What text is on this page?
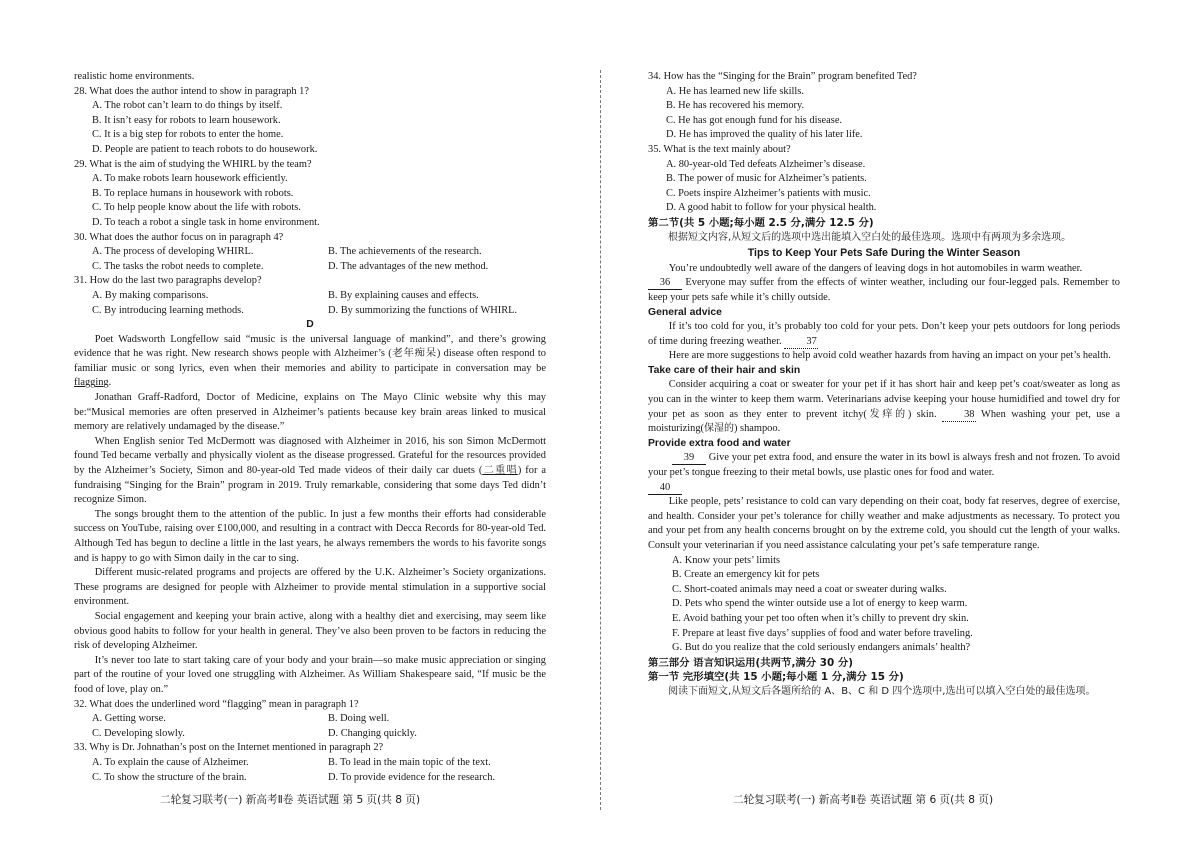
realistic home environments.

28. What does the author intend to show in paragraph 1?

A. The robot can’t learn to do things by itself.

B. It isn’t easy for robots to learn housework.

C. It is a big step for robots to enter the home.

D. People are patient to teach robots to do housework.

29. What is the aim of studying the WHIRL by the team?

A. To make robots learn housework efficiently.

B. To replace humans in housework with robots.

C. To help people know about the life with robots.

D. To teach a robot a single task in home environment.

30. What does the author focus on in paragraph 4?

A. The process of developing WHIRL.	B. The achievements of the research.
C. The tasks the robot needs to complete.	D. The advantages of the new method.

31. How do the last two paragraphs develop?

A. By making comparisons.	B. By explaining causes and effects.
C. By introducing learning methods.	D. By summorizing the functions of WHIRL.

D

Poet Wadsworth Longfellow said “music is the universal language of mankind”, and there’s growing evidence that he was right. New research shows people with Alzheimer’s (老年痴呆) disease often respond to familiar music or song lyrics, even when their memories and ability to participate in conversation may be flagging.

Jonathan Graff-Radford, Doctor of Medicine, explains on The Mayo Clinic website why this may be:“Musical memories are often preserved in Alzheimer’s patients because key brain areas linked to musical memory are relatively undamaged by the disease.”

When English senior Ted McDermott was diagnosed with Alzheimer in 2016, his son Simon McDermott found Ted became verbally and physically violent as the disease progressed. Grateful for the resources provided by the Alzheimer’s Society, Simon and 80-year-old Ted made videos of their daily car duets (二重唱) for a fundraising “Singing for the Brain” program in 2019. Truly remarkable, considering that some days Ted didn’t recognize Simon.

The songs brought them to the attention of the public. In just a few months their efforts had considerable success on YouTube, raising over £100,000, and resulting in a contract with Decca Records for 80-year-old Ted. Although Ted has begun to decline a little in the last years, he always remembers the words to his favorite songs and is happy to go with Simon daily in the car to sing.

Different music-related programs and projects are offered by the U.K. Alzheimer’s Society organizations. These programs are designed for people with Alzheimer to provide mental stimulation in a supportive social environment.

Social engagement and keeping your brain active, along with a healthy diet and exercising, may seem like obvious good habits to follow for your health in general. They’ve also been proven to be factors in reducing the risk of developing Alzheimer.

It’s never too late to start taking care of your body and your brain—so make music appreciation or singing part of the routine of your loved one struggling with Alzheimer. As William Shakespeare said, “If music be the food of love, play on.”

32. What does the underlined word “flagging” mean in paragraph 1?

A. Getting worse.	B. Doing well.
C. Developing slowly.	D. Changing quickly.

33. Why is Dr. Johnathan’s post on the Internet mentioned in paragraph 2?

A. To explain the cause of Alzheimer.	B. To lead in the main topic of the text.
C. To show the structure of the brain.	D. To provide evidence for the research.

34. How has the “Singing for the Brain” program benefited Ted?

A. He has learned new life skills.

B. He has recovered his memory.

C. He has got enough fund for his disease.

D. He has improved the quality of his later life.

35. What is the text mainly about?

A. 80-year-old Ted defeats Alzheimer’s disease.

B. The power of music for Alzheimer’s patients.

C. Poets inspire Alzheimer’s patients with music.

D. A good habit to follow for your physical health.

第二节(共 5 小题;每小题 2.5 分,满分 12.5 分)

根据短文内容,从短文后的选项中选出能填入空白处的最佳选项。选项中有两项为多余选项。

Tips to Keep Your Pets Safe During the Winter Season

You’re undoubtedly well aware of the dangers of leaving dogs in hot automobiles in warm weather.

36 Everyone may suffer from the effects of winter weather, including our four-legged pals. Remember to keep your pets safe while it’s chilly outside.

General advice

If it’s too cold for you, it’s probably too cold for your pets. Don’t keep your pets outdoors for long periods of time during freezing weather. 37

Here are more suggestions to help avoid cold weather hazards from having an impact on your pet’s health.

Take care of their hair and skin

Consider acquiring a coat or sweater for your pet if it has short hair and keep pet’s coat/sweater as long as you can in the winter to keep them warm. Veterinarians advise keeping your house humidified and towel dry for your pet as soon as they enter to prevent itchy(发痒的) skin. 38 When washing your pet, use a moisturizing(保湿的) shampoo.

Provide extra food and water

39 Give your pet extra food, and ensure the water in its bowl is always fresh and not frozen. To avoid your pet’s tongue freezing to their metal bowls, use plastic ones for food and water.

40

Like people, pets’ resistance to cold can vary depending on their coat, body fat reserves, degree of exercise, and health. Consider your pet’s tolerance for chilly weather and make adjustments as necessary. To protect you and your pet from any health concerns brought on by the extreme cold, you should cut the length of your walks. Consult your veterinarian if you need assistance calculating your pet’s safe temperature range.

A. Know your pets’ limits

B. Create an emergency kit for pets

C. Short-coated animals may need a coat or sweater during walks.

D. Pets who spend the winter outside use a lot of energy to keep warm.

E. Avoid bathing your pet too often when it’s chilly to prevent dry skin.

F. Prepare at least five days’ supplies of food and water before traveling.

G. But do you realize that the cold seriously endangers animals’ health?

第三部分 语言知识运用(共两节,满分 30 分)

第一节 完形填空(共 15 小题;每小题 1 分,满分 15 分)

阅读下面短文,从短文后各题所给的 A、B、C 和 D 四个选项中,选出可以填入空白处的最佳选项。

二轮复习联考(一) 新高考Ⅱ卷 英语试题 第 5 页(共 8 页)	二轮复习联考(一) 新高考Ⅱ卷 英语试题 第 6 页(共 8 页)
